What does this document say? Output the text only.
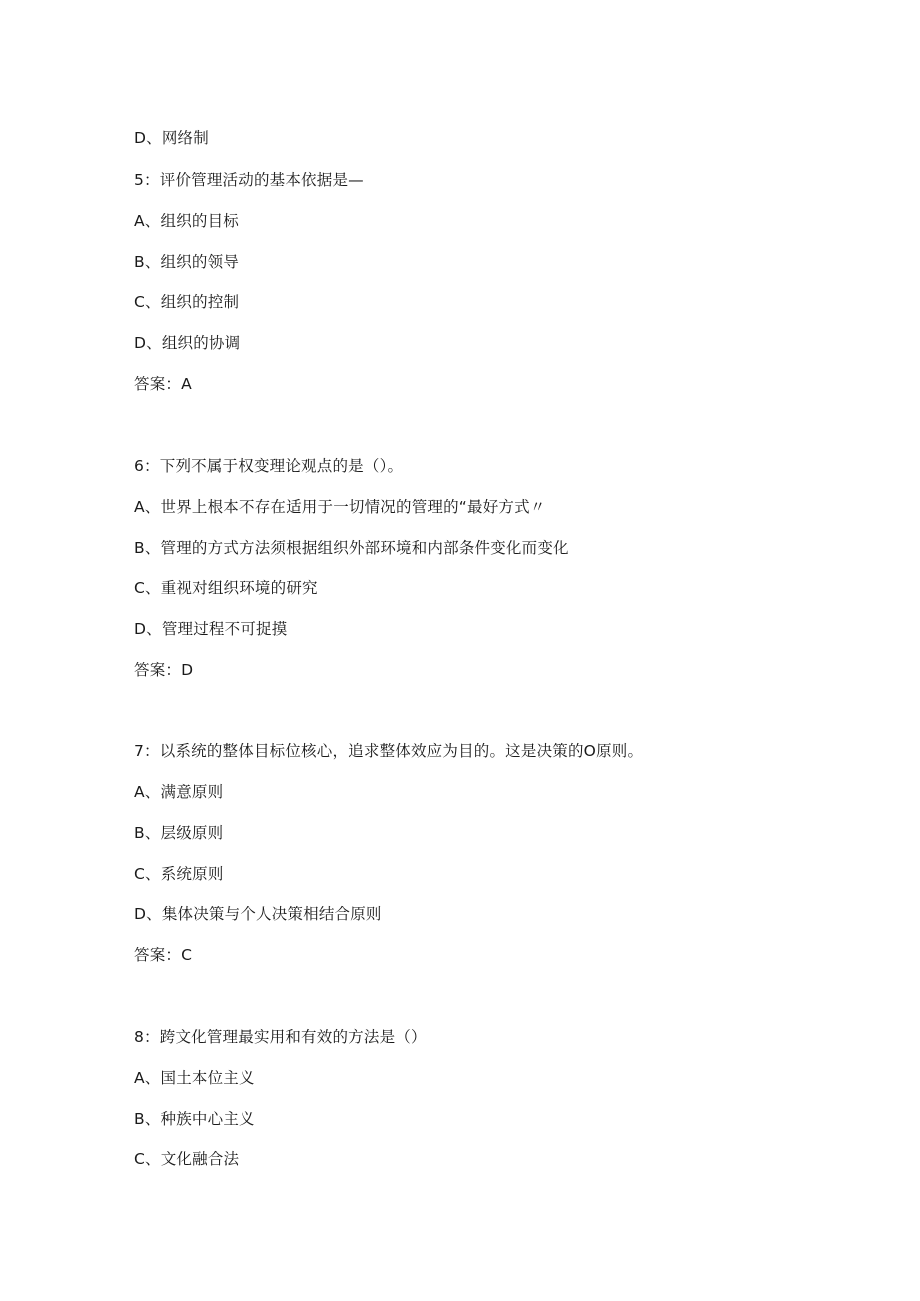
D、网络制
5：评价管理活动的基本依据是—
A、组织的目标
B、组织的领导
C、组织的控制
D、组织的协调
答案：A
6：下列不属于权变理论观点的是（）。
A、世界上根本不存在适用于一切情况的管理的“最好方式〃
B、管理的方式方法须根据组织外部环境和内部条件变化而变化
C、重视对组织环境的研究
D、管理过程不可捉摸
答案：D
7：以系统的整体目标位核心，追求整体效应为目的。这是决策的O原则。
A、满意原则
B、层级原则
C、系统原则
D、集体决策与个人决策相结合原则
答案：C
8：跨文化管理最实用和有效的方法是（）
A、国土本位主义
B、种族中心主义
C、文化融合法
